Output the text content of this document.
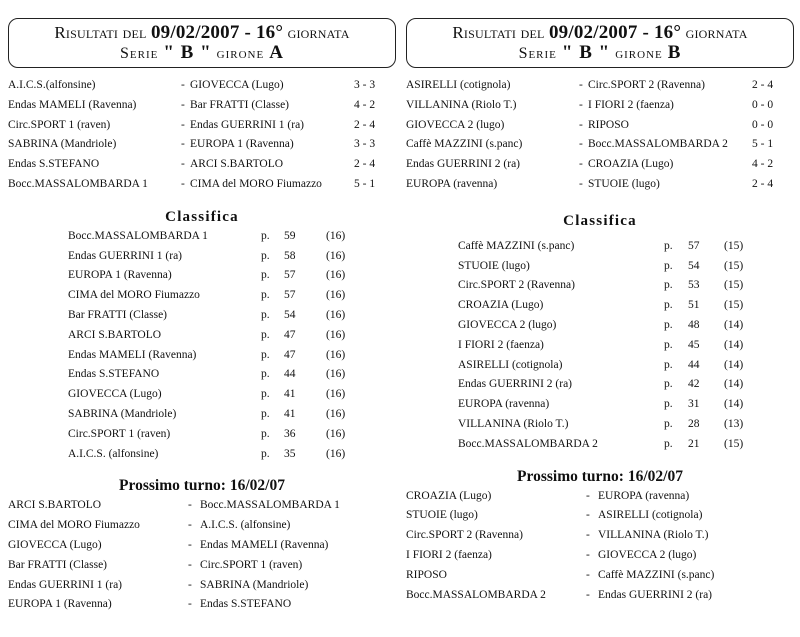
Risultati del 09/02/2007 - 16° giornata
Serie " B " girone A
A.I.C.S.(alfonsine)	- GIOVECCA (Lugo)	3 - 3
Endas MAMELI (Ravenna)	- Bar FRATTI (Classe)	4 - 2
Circ.SPORT 1 (raven)	- Endas GUERRINI 1 (ra)	2 - 4
SABRINA (Mandriole)	- EUROPA 1 (Ravenna)	3 - 3
Endas S.STEFANO	- ARCI S.BARTOLO	2 - 4
Bocc.MASSALOMBARDA 1	- CIMA del MORO Fiumazzo	5 - 1
Classifica
Bocc.MASSALOMBARDA 1	p. 59	(16)
Endas GUERRINI 1 (ra)	p. 58	(16)
EUROPA 1 (Ravenna)	p. 57	(16)
CIMA del MORO Fiumazzo	p. 57	(16)
Bar FRATTI (Classe)	p. 54	(16)
ARCI S.BARTOLO	p. 47	(16)
Endas MAMELI (Ravenna)	p. 47	(16)
Endas S.STEFANO	p. 44	(16)
GIOVECCA (Lugo)	p. 41	(16)
SABRINA (Mandriole)	p. 41	(16)
Circ.SPORT 1 (raven)	p. 36	(16)
A.I.C.S. (alfonsine)	p. 35	(16)
Prossimo turno: 16/02/07
ARCI S.BARTOLO	- Bocc.MASSALOMBARDA 1
CIMA del MORO Fiumazzo	- A.I.C.S. (alfonsine)
GIOVECCA (Lugo)	- Endas MAMELI (Ravenna)
Bar FRATTI (Classe)	- Circ.SPORT 1 (raven)
Endas GUERRINI 1 (ra)	- SABRINA (Mandriole)
EUROPA 1 (Ravenna)	- Endas S.STEFANO
Risultati del 09/02/2007 - 16° giornata
Serie " B " girone B
ASIRELLI (cotignola)	- Circ.SPORT 2 (Ravenna)	2 - 4
VILLANINA (Riolo T.)	- I FIORI 2 (faenza)	0 - 0
GIOVECCA 2 (lugo)	- RIPOSO	0 - 0
Caffè MAZZINI (s.panc)	- Bocc.MASSALOMBARDA 2 5 - 1
Endas GUERRINI 2 (ra)	- CROAZIA (Lugo)	4 - 2
EUROPA (ravenna)	- STUOIE (lugo)	2 - 4
Classifica
Caffè MAZZINI (s.panc)	p. 57 (15)
STUOIE (lugo)	p. 54 (15)
Circ.SPORT 2 (Ravenna)	p. 53 (15)
CROAZIA (Lugo)	p. 51 (15)
GIOVECCA 2 (lugo)	p. 48 (14)
I FIORI 2 (faenza)	p. 45 (14)
ASIRELLI (cotignola)	p. 44 (14)
Endas GUERRINI 2 (ra)	p. 42 (14)
EUROPA (ravenna)	p. 31 (14)
VILLANINA (Riolo T.)	p. 28 (13)
Bocc.MASSALOMBARDA 2	p. 21 (15)
Prossimo turno: 16/02/07
CROAZIA (Lugo)	- EUROPA (ravenna)
STUOIE (lugo)	- ASIRELLI (cotignola)
Circ.SPORT 2 (Ravenna)	- VILLANINA (Riolo T.)
I FIORI 2 (faenza)	- GIOVECCA 2 (lugo)
RIPOSO	- Caffè MAZZINI (s.panc)
Bocc.MASSALOMBARDA 2	- Endas GUERRINI 2 (ra)
